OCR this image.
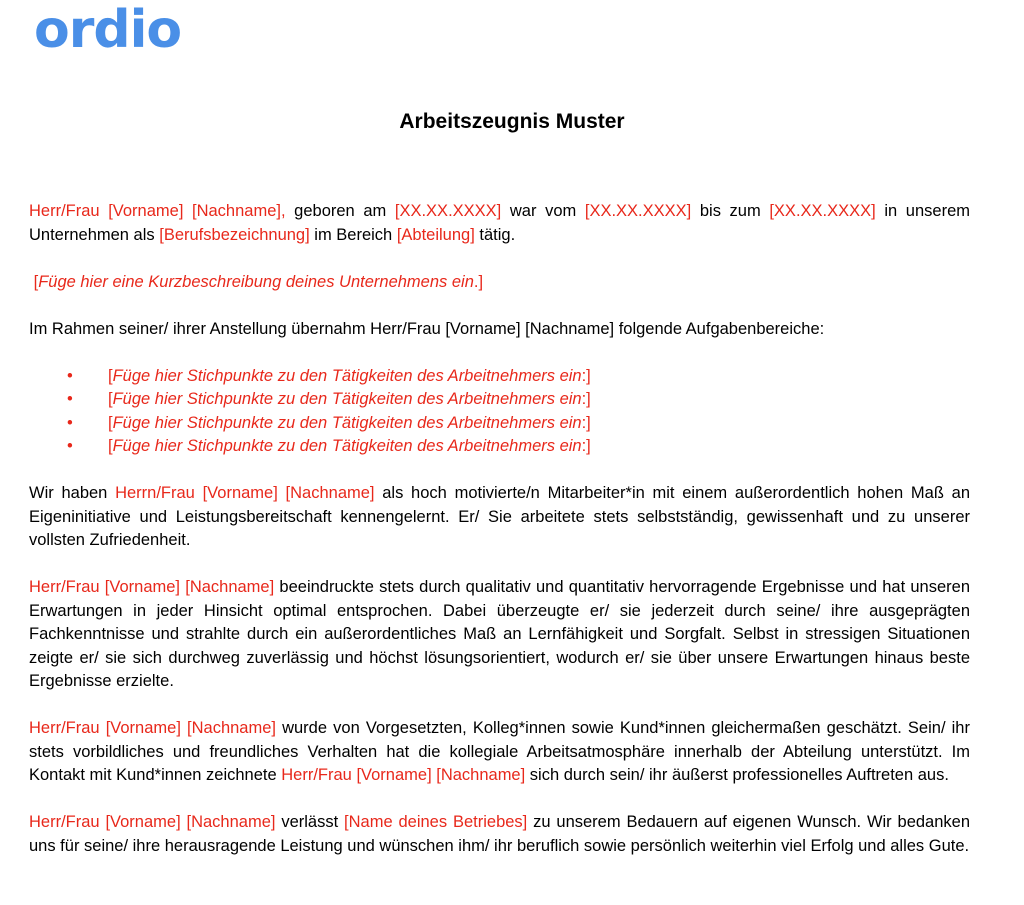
ordio
Arbeitszeugnis Muster

Herr/Frau [Vorname] [Nachname], geboren am [XX.XX.XXXX] war vom [XX.XX.XXXX] bis zum [XX.XX.XXXX] in unserem Unternehmen als [Berufsbezeichnung] im Bereich [Abteilung] tätig.

[Füge hier eine Kurzbeschreibung deines Unternehmens ein.]

Im Rahmen seiner/ ihrer Anstellung übernahm Herr/Frau [Vorname] [Nachname] folgende Aufgabenbereiche:

• [Füge hier Stichpunkte zu den Tätigkeiten des Arbeitnehmers ein:]
• [Füge hier Stichpunkte zu den Tätigkeiten des Arbeitnehmers ein:]
• [Füge hier Stichpunkte zu den Tätigkeiten des Arbeitnehmers ein:]
• [Füge hier Stichpunkte zu den Tätigkeiten des Arbeitnehmers ein:]

Wir haben Herrn/Frau [Vorname] [Nachname] als hoch motivierte/n Mitarbeiter*in mit einem außerordentlich hohen Maß an Eigeninitiative und Leistungsbereitschaft kennengelernt. Er/ Sie arbeitete stets selbstständig, gewissenhaft und zu unserer vollsten Zufriedenheit.

Herr/Frau [Vorname] [Nachname] beeindruckte stets durch qualitativ und quantitativ hervorragende Ergebnisse und hat unseren Erwartungen in jeder Hinsicht optimal entsprochen. Dabei überzeugte er/ sie jederzeit durch seine/ ihre ausgeprägten Fachkenntnisse und strahlte durch ein außerordentliches Maß an Lernfähigkeit und Sorgfalt. Selbst in stressigen Situationen zeigte er/ sie sich durchweg zuverlässig und höchst lösungsorientiert, wodurch er/ sie über unsere Erwartungen hinaus beste Ergebnisse erzielte.

Herr/Frau [Vorname] [Nachname] wurde von Vorgesetzten, Kolleg*innen sowie Kund*innen gleichermaßen geschätzt. Sein/ ihr stets vorbildliches und freundliches Verhalten hat die kollegiale Arbeitsatmosphäre innerhalb der Abteilung unterstützt. Im Kontakt mit Kund*innen zeichnete Herr/Frau [Vorname] [Nachname] sich durch sein/ ihr äußerst professionelles Auftreten aus.

Herr/Frau [Vorname] [Nachname] verlässt [Name deines Betriebes] zu unserem Bedauern auf eigenen Wunsch. Wir bedanken uns für seine/ ihre herausragende Leistung und wünschen ihm/ ihr beruflich sowie persönlich weiterhin viel Erfolg und alles Gute.
